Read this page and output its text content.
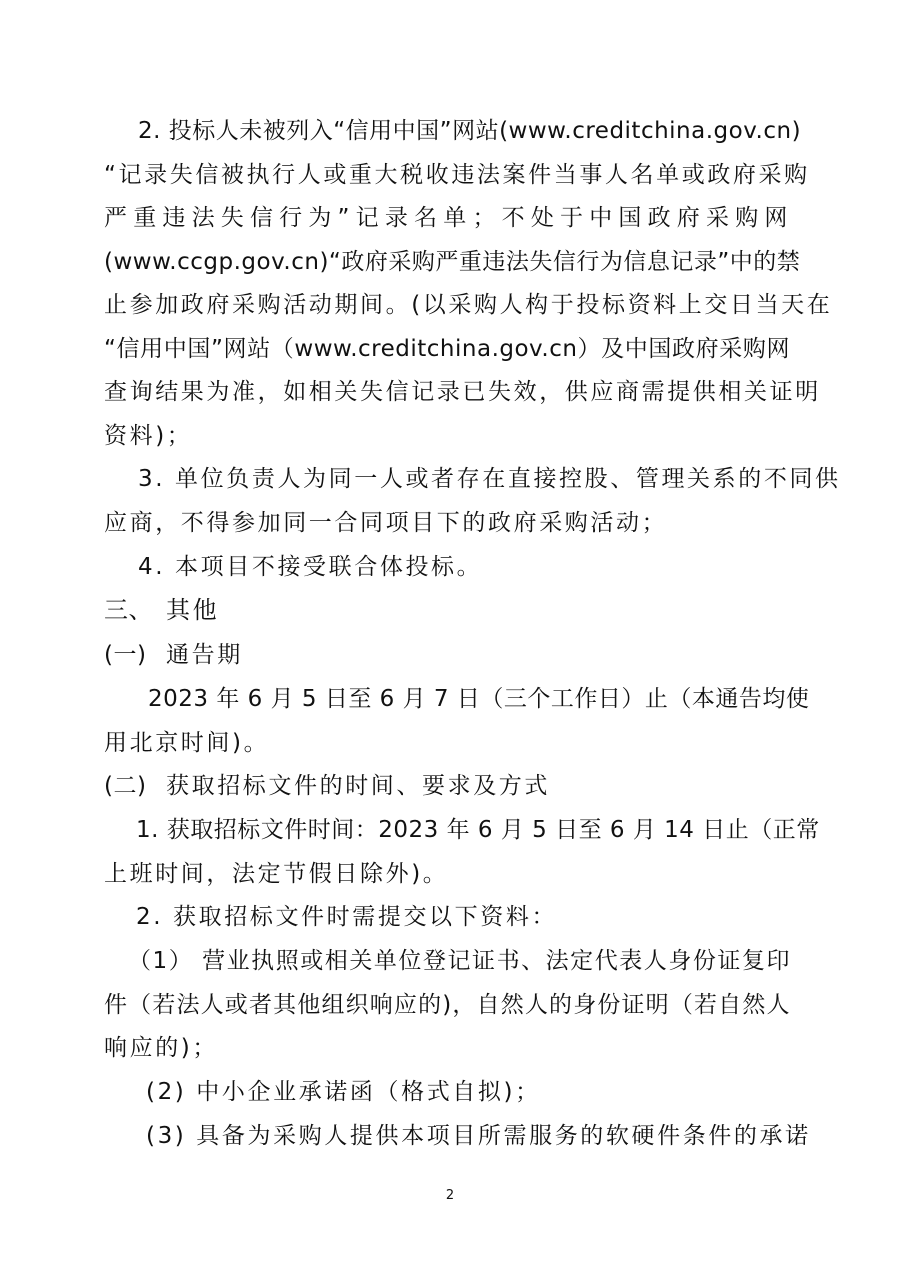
2. 投标人未被列入“信用中国”网站(www.creditchina.gov.cn)
“记录失信被执行人或重大税收违法案件当事人名单或政府采购
严重违法失信行为”记录名单；不处于中国政府采购网
(www.ccgp.gov.cn)“政府采购严重违法失信行为信息记录”中的禁
止参加政府采购活动期间。(以采购人构于投标资料上交日当天在
“信用中国”网站（www.creditchina.gov.cn）及中国政府采购网
查询结果为准，如相关失信记录已失效，供应商需提供相关证明
资料)；
3. 单位负责人为同一人或者存在直接控股、管理关系的不同供
应商，不得参加同一合同项目下的政府采购活动；
4. 本项目不接受联合体投标。
三、 其他
(一) 通告期
2023 年 6 月 5 日至 6 月 7 日（三个工作日）止（本通告均使
用北京时间)。
(二) 获取招标文件的时间、要求及方式
1. 获取招标文件时间：2023 年 6 月 5 日至 6 月 14 日止（正常
上班时间，法定节假日除外)。
2. 获取招标文件时需提交以下资料：
（1） 营业执照或相关单位登记证书、法定代表人身份证复印
件（若法人或者其他组织响应的)，自然人的身份证明（若自然人
响应的)；
(2) 中小企业承诺函（格式自拟)；
(3) 具备为采购人提供本项目所需服务的软硬件条件的承诺
2
